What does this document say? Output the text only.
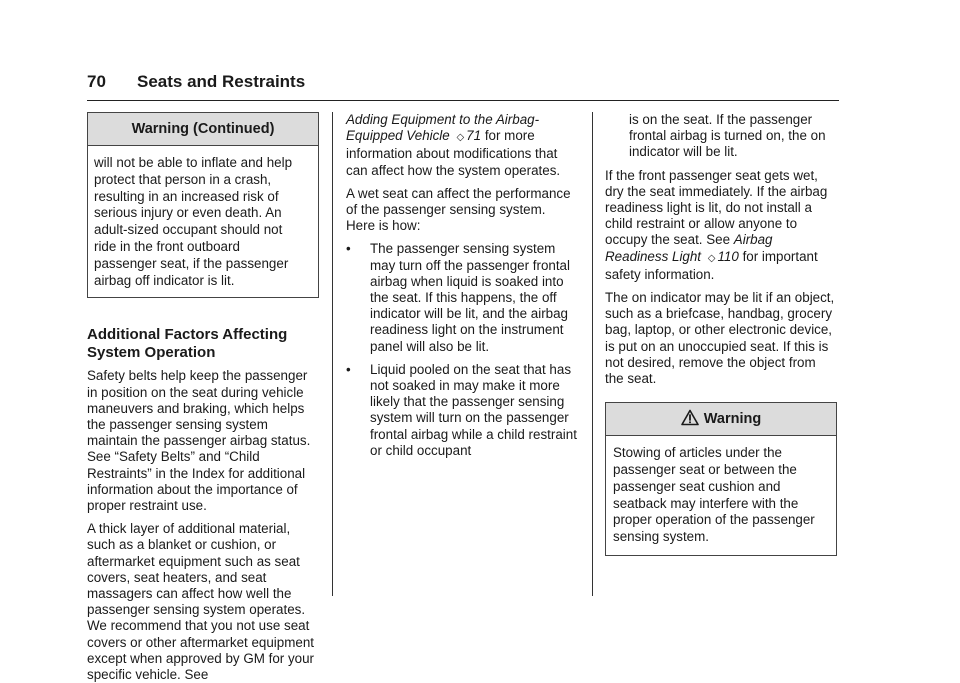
70 Seats and Restraints
Warning (Continued)
will not be able to inflate and help
protect that person in a crash,
resulting in an increased risk of
serious injury or even death. An
adult-sized occupant should not
ride in the front outboard
passenger seat, if the passenger
airbag off indicator is lit.
Additional Factors Affecting
System Operation

Safety belts help keep the passenger in position on the seat during vehicle maneuvers and braking, which helps the passenger sensing system maintain the passenger airbag status. See “Safety Belts” and “Child Restraints” in the Index for additional information about the importance of proper restraint use.

A thick layer of additional material, such as a blanket or cushion, or aftermarket equipment such as seat covers, seat heaters, and seat massagers can affect how well the passenger sensing system operates. We recommend that you not use seat covers or other aftermarket equipment except when approved by GM for your specific vehicle. See

Adding Equipment to the Airbag-Equipped Vehicle ◇ 71 for more information about modifications that can affect how the system operates.

A wet seat can affect the performance of the passenger sensing system. Here is how:

•	The passenger sensing system may turn off the passenger frontal airbag when liquid is soaked into the seat. If this happens, the off indicator will be lit, and the airbag readiness light on the instrument panel will also be lit.
•	Liquid pooled on the seat that has not soaked in may make it more likely that the passenger sensing system will turn on the passenger frontal airbag while a child restraint or child occupant
is on the seat. If the passenger frontal airbag is turned on, the on indicator will be lit.

If the front passenger seat gets wet, dry the seat immediately. If the airbag readiness light is lit, do not install a child restraint or allow anyone to occupy the seat. See Airbag Readiness Light ◇ 110 for important safety information.

The on indicator may be lit if an object, such as a briefcase, handbag, grocery bag, laptop, or other electronic device, is put on an unoccupied seat. If this is not desired, remove the object from the seat.

Warning
Stowing of articles under the passenger seat or between the passenger seat cushion and seatback may interfere with the proper operation of the passenger sensing system.
